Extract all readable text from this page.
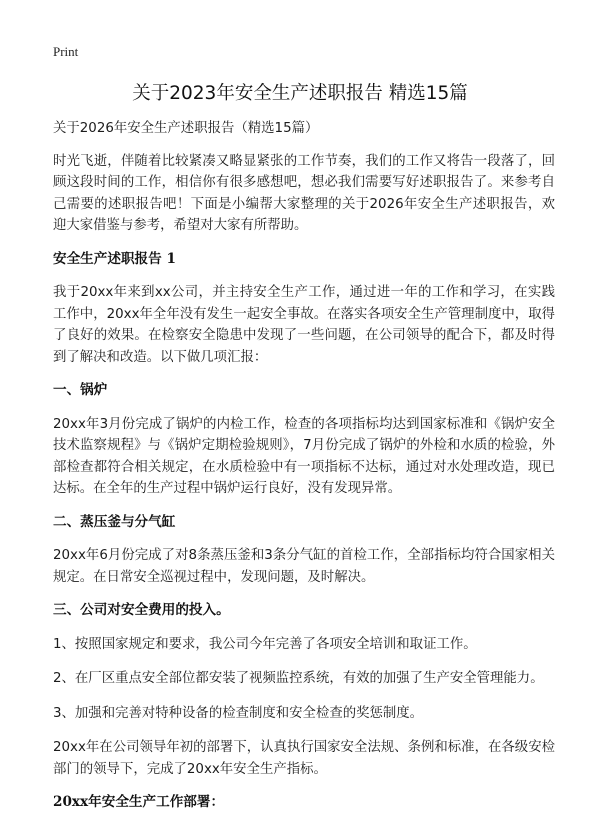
Print
关于2023年安全生产述职报告 精选15篇

关于2026年安全生产述职报告（精选15篇）

时光飞逝，伴随着比较紧凑又略显紧张的工作节奏，我们的工作又将告一段落了，回顾这段时间的工作，相信你有很多感想吧，想必我们需要写好述职报告了。来参考自己需要的述职报告吧！下面是小编帮大家整理的关于2026年安全生产述职报告，欢迎大家借鉴与参考，希望对大家有所帮助。

安全生产述职报告 1

我于20xx年来到xx公司，并主持安全生产工作，通过进一年的工作和学习，在实践工作中，20xx年全年没有发生一起安全事故。在落实各项安全生产管理制度中，取得了良好的效果。在检察安全隐患中发现了一些问题，在公司领导的配合下，都及时得到了解决和改造。以下做几项汇报：

一、锅炉

20xx年3月份完成了锅炉的内检工作，检查的各项指标均达到国家标准和《锅炉安全技术监察规程》与《锅炉定期检验规则》，7月份完成了锅炉的外检和水质的检验，外部检查都符合相关规定，在水质检验中有一项指标不达标，通过对水处理改造，现已达标。在全年的生产过程中锅炉运行良好，没有发现异常。

二、蒸压釜与分气缸

20xx年6月份完成了对8条蒸压釜和3条分气缸的首检工作，全部指标均符合国家相关规定。在日常安全巡视过程中，发现问题，及时解决。

三、公司对安全费用的投入。

1、按照国家规定和要求，我公司今年完善了各项安全培训和取证工作。

2、在厂区重点安全部位都安装了视频监控系统，有效的加强了生产安全管理能力。

3、加强和完善对特种设备的检查制度和安全检查的奖惩制度。

20xx年在公司领导年初的部署下，认真执行国家安全法规、条例和标准，在各级安检部门的领导下，完成了20xx年安全生产指标。

20xx年安全生产工作部署：
